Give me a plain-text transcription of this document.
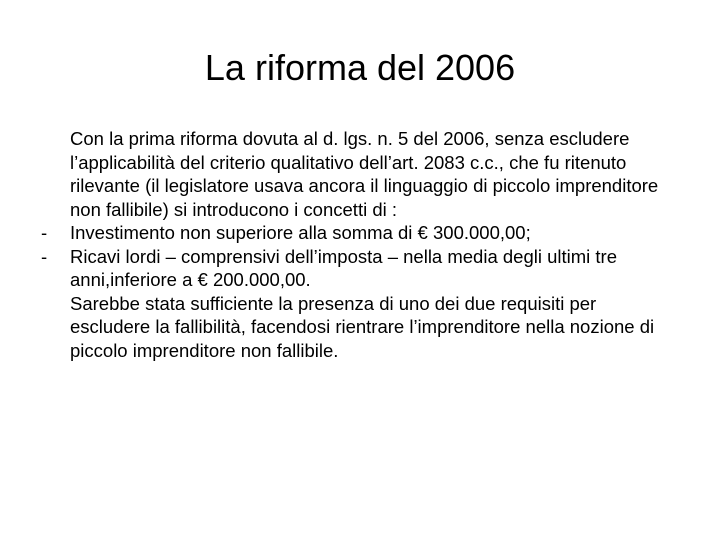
La riforma del 2006

Con la prima riforma dovuta al d. lgs. n. 5 del 2006, senza escludere l’applicabilità del criterio qualitativo dell’art. 2083 c.c., che fu ritenuto rilevante (il legislatore usava ancora il linguaggio di piccolo imprenditore non fallibile) si introducono i concetti di :

- Investimento non superiore alla somma di € 300.000,00;
- Ricavi lordi – comprensivi dell’imposta – nella media degli ultimi tre anni,inferiore a € 200.000,00.

Sarebbe stata sufficiente la presenza di uno dei due requisiti per escludere la fallibilità, facendosi rientrare l’imprenditore nella nozione di piccolo imprenditore non fallibile.
